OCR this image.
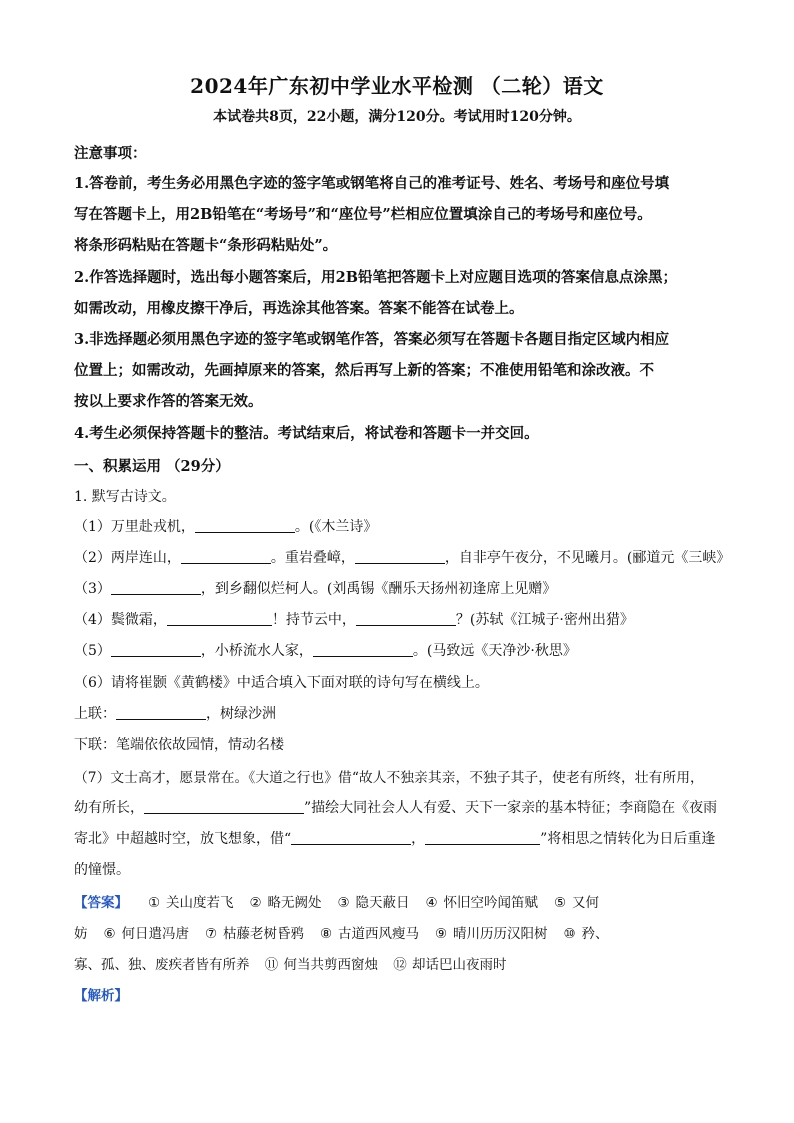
2024年广东初中学业水平检测 （二轮）语文
本试卷共8页，22小题，满分120分。考试用时120分钟。
注意事项：
1.答卷前，考生务必用黑色字迹的签字笔或钢笔将自己的准考证号、姓名、考场号和座位号填
写在答题卡上，用2B铅笔在“考场号”和“座位号”栏相应位置填涂自己的考场号和座位号。
将条形码粘贴在答题卡“条形码粘贴处”。
2.作答选择题时，选出每小题答案后，用2B铅笔把答题卡上对应题目选项的答案信息点涂黑；
如需改动，用橡皮擦干净后，再选涂其他答案。答案不能答在试卷上。
3.非选择题必须用黑色字迹的签字笔或钢笔作答，答案必须写在答题卡各题目指定区域内相应
位置上；如需改动，先画掉原来的答案，然后再写上新的答案；不准使用铅笔和涂改液。不
按以上要求作答的答案无效。
4.考生必须保持答题卡的整洁。考试结束后，将试卷和答题卡一并交回。
一、积累运用 （29分）
1. 默写古诗文。
（1）万里赴戎机，	。(《木兰诗》
（2）两岸连山，	。重岩叠嶂，	，自非亭午夜分，不见曦月。(郦道元《三峡》
（3）	，到乡翻似烂柯人。(刘禹锡《酬乐天扬州初逢席上见赠》
（4）鬓微霜，	！持节云中，	？(苏轼《江城子·密州出猎》
（5）	，小桥流水人家，	。(马致远《天净沙·秋思》
（6）请将崔颢《黄鹤楼》中适合填入下面对联的诗句写在横线上。
上联：	，树绿沙洲
下联：笔端依依故园情，情动名楼
（7）文士高才，愿景常在。《大道之行也》借“故人不独亲其亲，不独子其子，使老有所终，壮有所用，
幼有所长，	”描绘大同社会人人有爱、天下一家亲的基本特征；李商隐在《夜雨
寄北》中超越时空，放飞想象，借“	，	”将相思之情转化为日后重逢
的憧憬。
【答案】 ① 关山度若飞 ② 略无阙处 ③ 隐天蔽日 ④ 怀旧空吟闻笛赋 ⑤ 又何
妨 ⑥ 何日遣冯唐 ⑦ 枯藤老树昏鸦 ⑧ 古道西风瘦马 ⑨ 晴川历历汉阳树 ⑩ 矜、
寡、孤、独、废疾者皆有所养 ⑪ 何当共剪西窗烛 ⑫ 却话巴山夜雨时
【解析】
